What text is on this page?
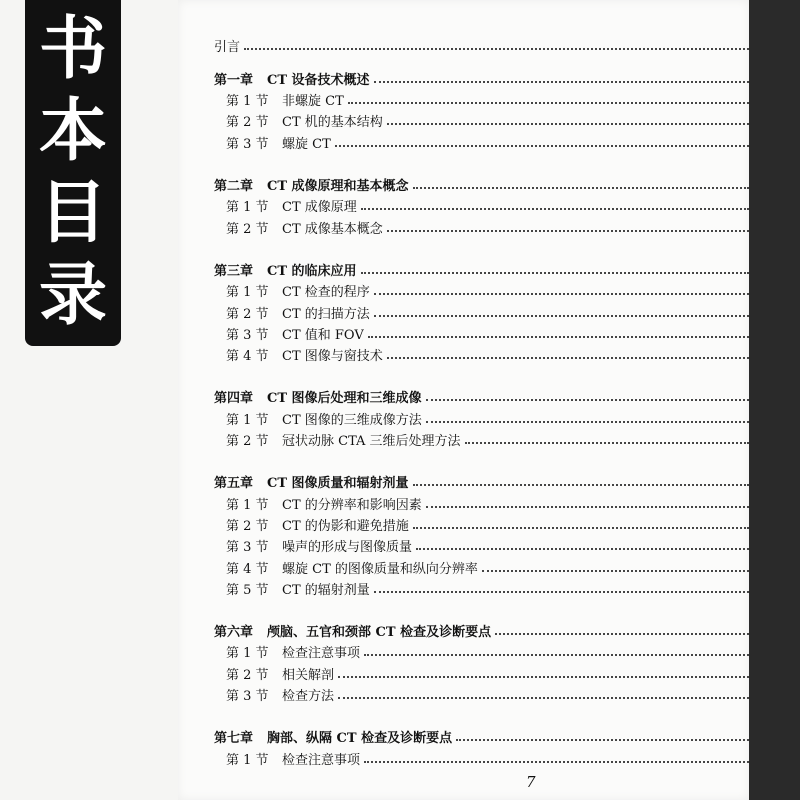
书
本
目
录
引言
第一章 CT 设备技术概述
第 1 节	非螺旋 CT
第 2 节	CT 机的基本结构
第 3 节	螺旋 CT
第二章 CT 成像原理和基本概念
第 1 节	CT 成像原理
第 2 节	CT 成像基本概念
第三章 CT 的临床应用
第 1 节	CT 检查的程序
第 2 节	CT 的扫描方法
第 3 节	CT 值和 FOV
第 4 节	CT 图像与窗技术
第四章 CT 图像后处理和三维成像
第 1 节	CT 图像的三维成像方法
第 2 节	冠状动脉 CTA 三维后处理方法
第五章 CT 图像质量和辐射剂量
第 1 节	CT 的分辨率和影响因素
第 2 节	CT 的伪影和避免措施
第 3 节	噪声的形成与图像质量
第 4 节	螺旋 CT 的图像质量和纵向分辨率
第 5 节	CT 的辐射剂量
第六章 颅脑、五官和颈部 CT 检查及诊断要点
第 1 节	检查注意事项
第 2 节	相关解剖
第 3 节	检查方法
第七章 胸部、纵隔 CT 检查及诊断要点
第 1 节	检查注意事项
7
